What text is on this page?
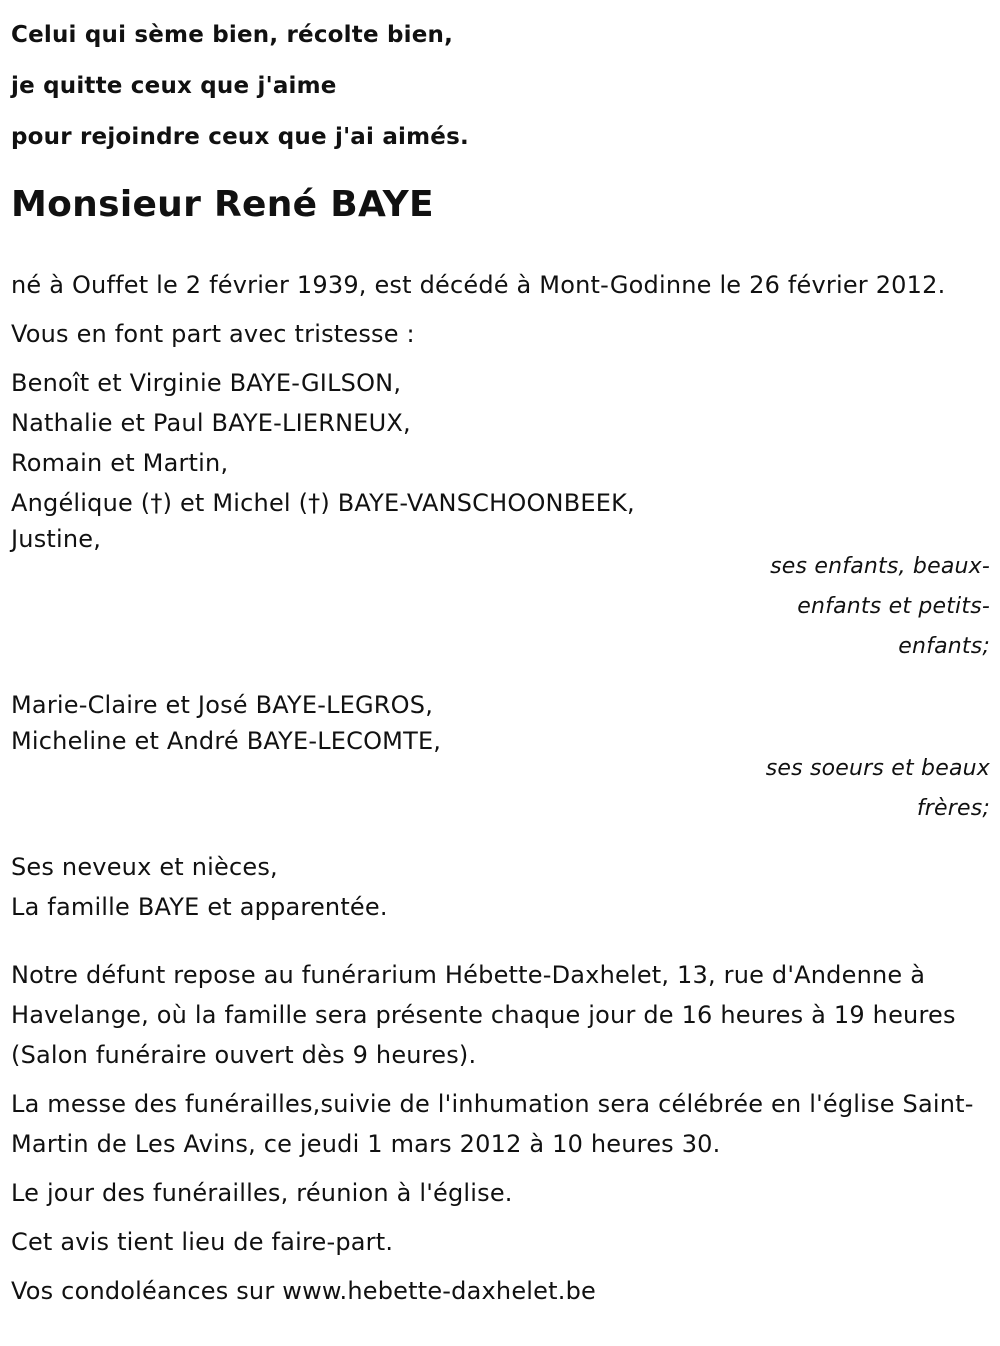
Celui qui sème bien, récolte bien,
je quitte ceux que j'aime
pour rejoindre ceux que j'ai aimés.
Monsieur René BAYE
né à Ouffet le 2 février 1939, est décédé à Mont-Godinne le 26 février 2012.
Vous en font part avec tristesse :
Benoît et Virginie BAYE-GILSON,
Nathalie et Paul BAYE-LIERNEUX,
Romain et Martin,
Angélique (†) et Michel (†) BAYE-VANSCHOONBEEK,
Justine,
ses enfants, beaux-
enfants et petits-
enfants;
Marie-Claire et José BAYE-LEGROS,
Micheline et André BAYE-LECOMTE,
ses soeurs et beaux
frères;
Ses neveux et nièces,
La famille BAYE et apparentée.
Notre défunt repose au funérarium Hébette-Daxhelet, 13, rue d'Andenne à Havelange, où la famille sera présente chaque jour de 16 heures à 19 heures (Salon funéraire ouvert dès 9 heures).
La messe des funérailles,suivie de l'inhumation sera célébrée en l'église Saint-Martin de Les Avins, ce jeudi 1 mars 2012 à 10 heures 30.
Le jour des funérailles, réunion à l'église.
Cet avis tient lieu de faire-part.
Vos condoléances sur www.hebette-daxhelet.be
